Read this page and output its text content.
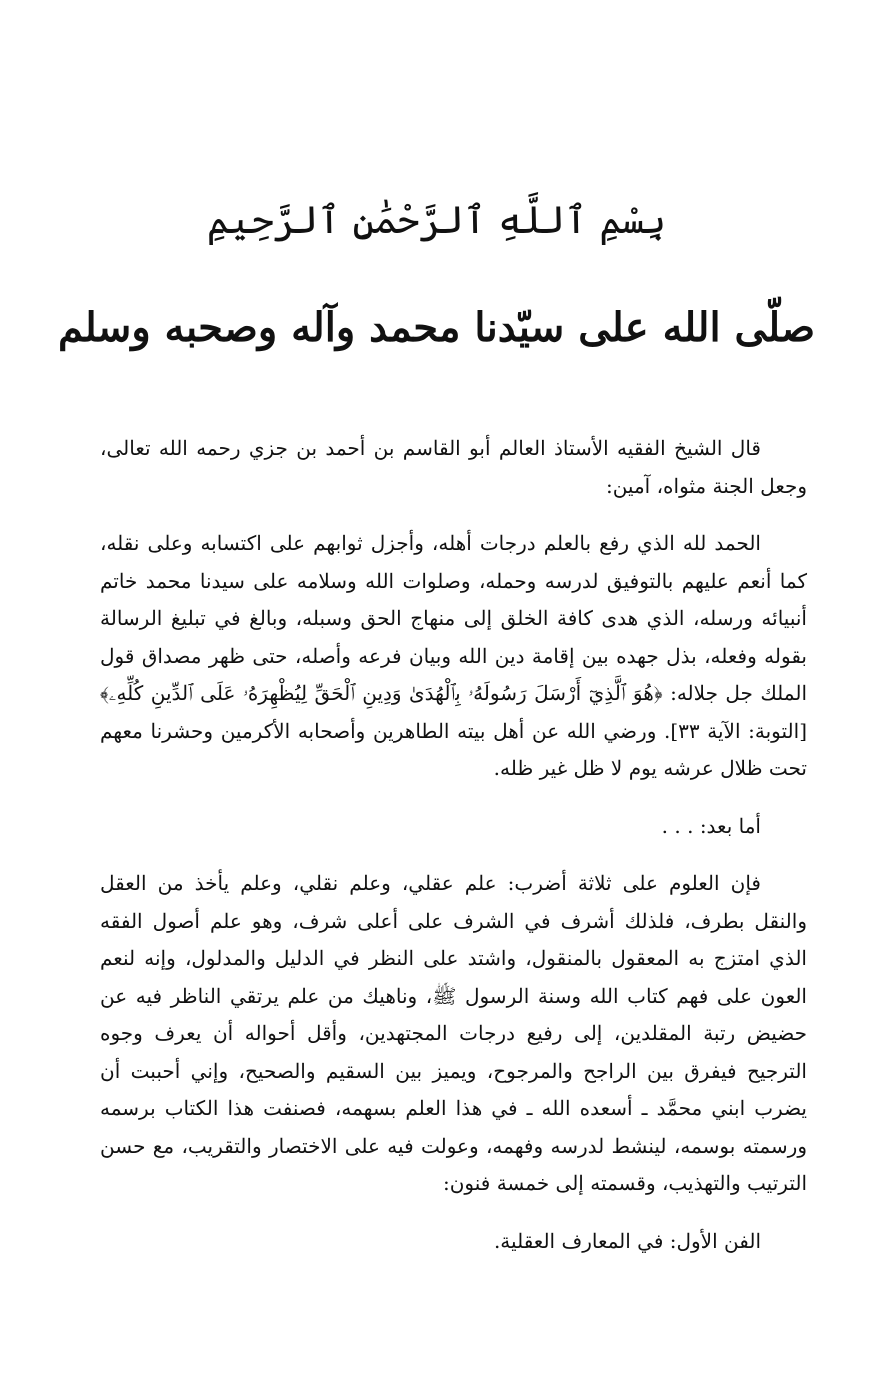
بِسْمِ ٱللَّهِ ٱلرَّحْمَٰنِ ٱلرَّحِيمِ
صلّى الله على سيّدنا محمد وآله وصحبه وسلم

قال الشيخ الفقيه الأستاذ العالم أبو القاسم بن أحمد بن جزي رحمه الله تعالى، وجعل الجنة مثواه، آمين:

الحمد لله الذي رفع بالعلم درجات أهله، وأجزل ثوابهم على اكتسابه وعلى نقله، كما أنعم عليهم بالتوفيق لدرسه وحمله، وصلوات الله وسلامه على سيدنا محمد خاتم أنبيائه ورسله، الذي هدى كافة الخلق إلى منهاج الحق وسبله، وبالغ في تبليغ الرسالة بقوله وفعله، بذل جهده بين إقامة دين الله وبيان فرعه وأصله، حتى ظهر مصداق قول الملك جل جلاله: ﴿هُوَ ٱلَّذِيٓ أَرْسَلَ رَسُولَهُۥ بِٱلْهُدَىٰ وَدِينِ ٱلْحَقِّ لِيُظْهِرَهُۥ عَلَى ٱلدِّينِ كُلِّهِۦ﴾ [التوبة: الآية ٣٣]. ورضي الله عن أهل بيته الطاهرين وأصحابه الأكرمين وحشرنا معهم تحت ظلال عرشه يوم لا ظل غير ظله.

أما بعد: . . .

فإن العلوم على ثلاثة أضرب: علم عقلي، وعلم نقلي، وعلم يأخذ من العقل والنقل بطرف، فلذلك أشرف في الشرف على أعلى شرف، وهو علم أصول الفقه الذي امتزج به المعقول بالمنقول، واشتد على النظر في الدليل والمدلول، وإنه لنعم العون على فهم كتاب الله وسنة الرسول ﷺ، وناهيك من علم يرتقي الناظر فيه عن حضيض رتبة المقلدين، إلى رفيع درجات المجتهدين، وأقل أحواله أن يعرف وجوه الترجيح فيفرق بين الراجح والمرجوح، ويميز بين السقيم والصحيح، وإني أحببت أن يضرب ابني محمَّد ـ أسعده الله ـ في هذا العلم بسهمه، فصنفت هذا الكتاب برسمه ورسمته بوسمه، لينشط لدرسه وفهمه، وعولت فيه على الاختصار والتقريب، مع حسن الترتيب والتهذيب، وقسمته إلى خمسة فنون:

الفن الأول: في المعارف العقلية.
